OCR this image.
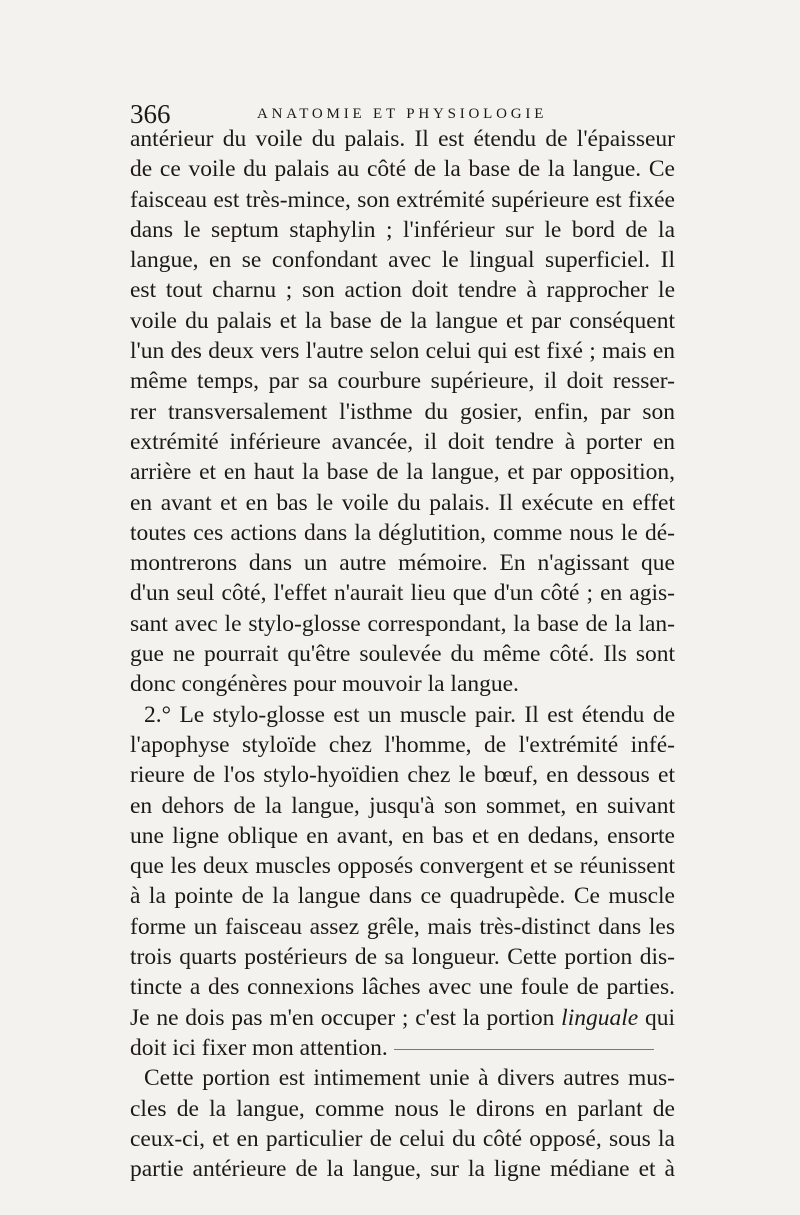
366	ANATOMIE ET PHYSIOLOGIE
antérieur du voile du palais. Il est étendu de l'épaisseur
de ce voile du palais au côté de la base de la langue. Ce
faisceau est très-mince, son extrémité supérieure est fixée
dans le septum staphylin ; l'inférieur sur le bord de la
langue, en se confondant avec le lingual superficiel. Il
est tout charnu ; son action doit tendre à rapprocher le
voile du palais et la base de la langue et par conséquent
l'un des deux vers l'autre selon celui qui est fixé ; mais en
même temps, par sa courbure supérieure, il doit resser-
rer transversalement l'isthme du gosier, enfin, par son
extrémité inférieure avancée, il doit tendre à porter en
arrière et en haut la base de la langue, et par opposition,
en avant et en bas le voile du palais. Il exécute en effet
toutes ces actions dans la déglutition, comme nous le dé-
montrerons dans un autre mémoire. En n'agissant que
d'un seul côté, l'effet n'aurait lieu que d'un côté ; en agis-
sant avec le stylo-glosse correspondant, la base de la lan-
gue ne pourrait qu'être soulevée du même côté. Ils sont
donc congénères pour mouvoir la langue.
2.° Le stylo-glosse est un muscle pair. Il est étendu de
l'apophyse styloïde chez l'homme, de l'extrémité infé-
rieure de l'os stylo-hyoïdien chez le bœuf, en dessous et
en dehors de la langue, jusqu'à son sommet, en suivant
une ligne oblique en avant, en bas et en dedans, ensorte
que les deux muscles opposés convergent et se réunissent
à la pointe de la langue dans ce quadrupède. Ce muscle
forme un faisceau assez grêle, mais très-distinct dans les
trois quarts postérieurs de sa longueur. Cette portion dis-
tincte a des connexions lâches avec une foule de parties.
Je ne dois pas m'en occuper ; c'est la portion linguale qui
doit ici fixer mon attention.
Cette portion est intimement unie à divers autres mus-
cles de la langue, comme nous le dirons en parlant de
ceux-ci, et en particulier de celui du côté opposé, sous la
partie antérieure de la langue, sur la ligne médiane et à
